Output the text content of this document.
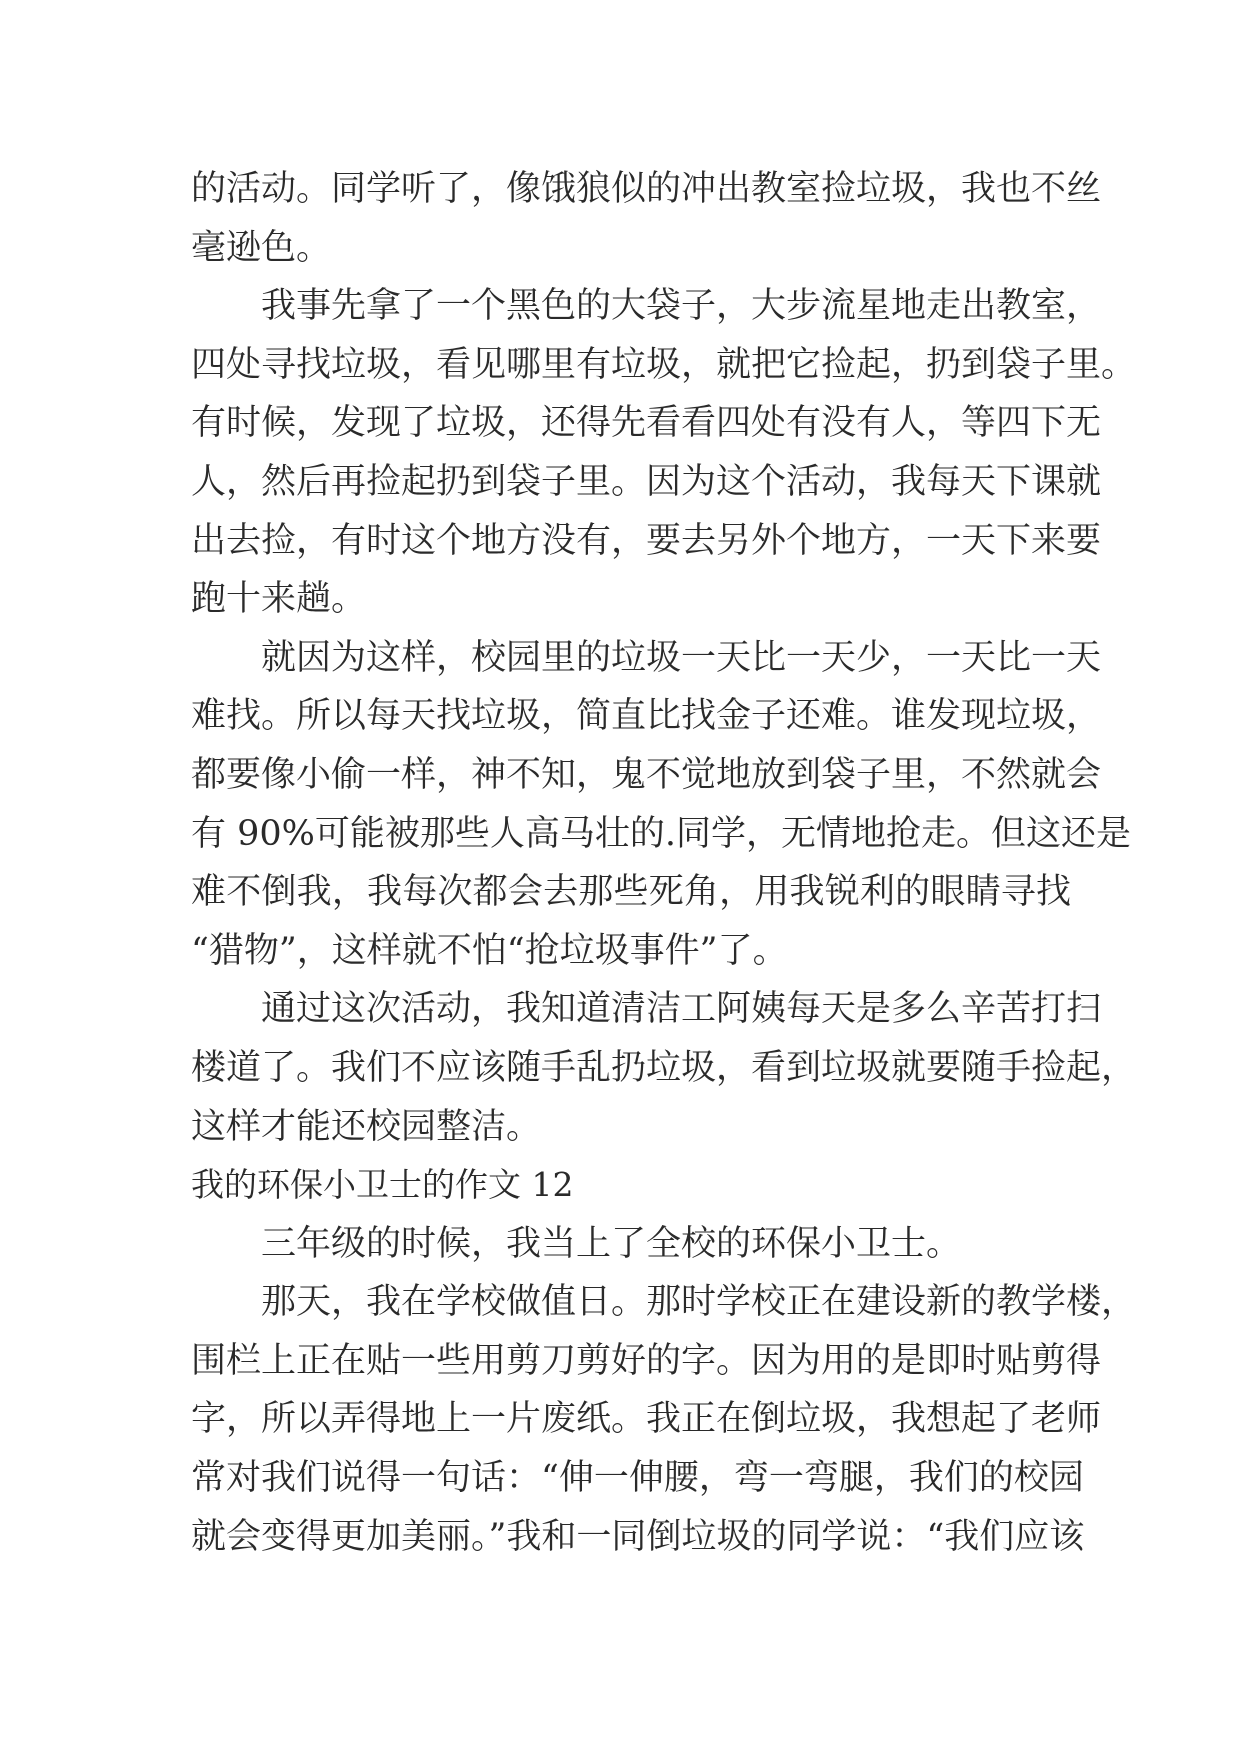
的活动。同学听了，像饿狼似的冲出教室捡垃圾，我也不丝
毫逊色。
我事先拿了一个黑色的大袋子，大步流星地走出教室，
四处寻找垃圾，看见哪里有垃圾，就把它捡起，扔到袋子里。
有时候，发现了垃圾，还得先看看四处有没有人，等四下无
人，然后再捡起扔到袋子里。因为这个活动，我每天下课就
出去捡，有时这个地方没有，要去另外个地方，一天下来要
跑十来趟。
就因为这样，校园里的垃圾一天比一天少，一天比一天
难找。所以每天找垃圾，简直比找金子还难。谁发现垃圾，
都要像小偷一样，神不知，鬼不觉地放到袋子里，不然就会
有 90%可能被那些人高马壮的.同学，无情地抢走。但这还是
难不倒我，我每次都会去那些死角，用我锐利的眼睛寻找
“猎物”，这样就不怕“抢垃圾事件”了。
通过这次活动，我知道清洁工阿姨每天是多么辛苦打扫
楼道了。我们不应该随手乱扔垃圾，看到垃圾就要随手捡起，
这样才能还校园整洁。
我的环保小卫士的作文 12
三年级的时候，我当上了全校的环保小卫士。
那天，我在学校做值日。那时学校正在建设新的教学楼，
围栏上正在贴一些用剪刀剪好的字。因为用的是即时贴剪得
字，所以弄得地上一片废纸。我正在倒垃圾，我想起了老师
常对我们说得一句话：“伸一伸腰，弯一弯腿，我们的校园
就会变得更加美丽。”我和一同倒垃圾的同学说：“我们应该
